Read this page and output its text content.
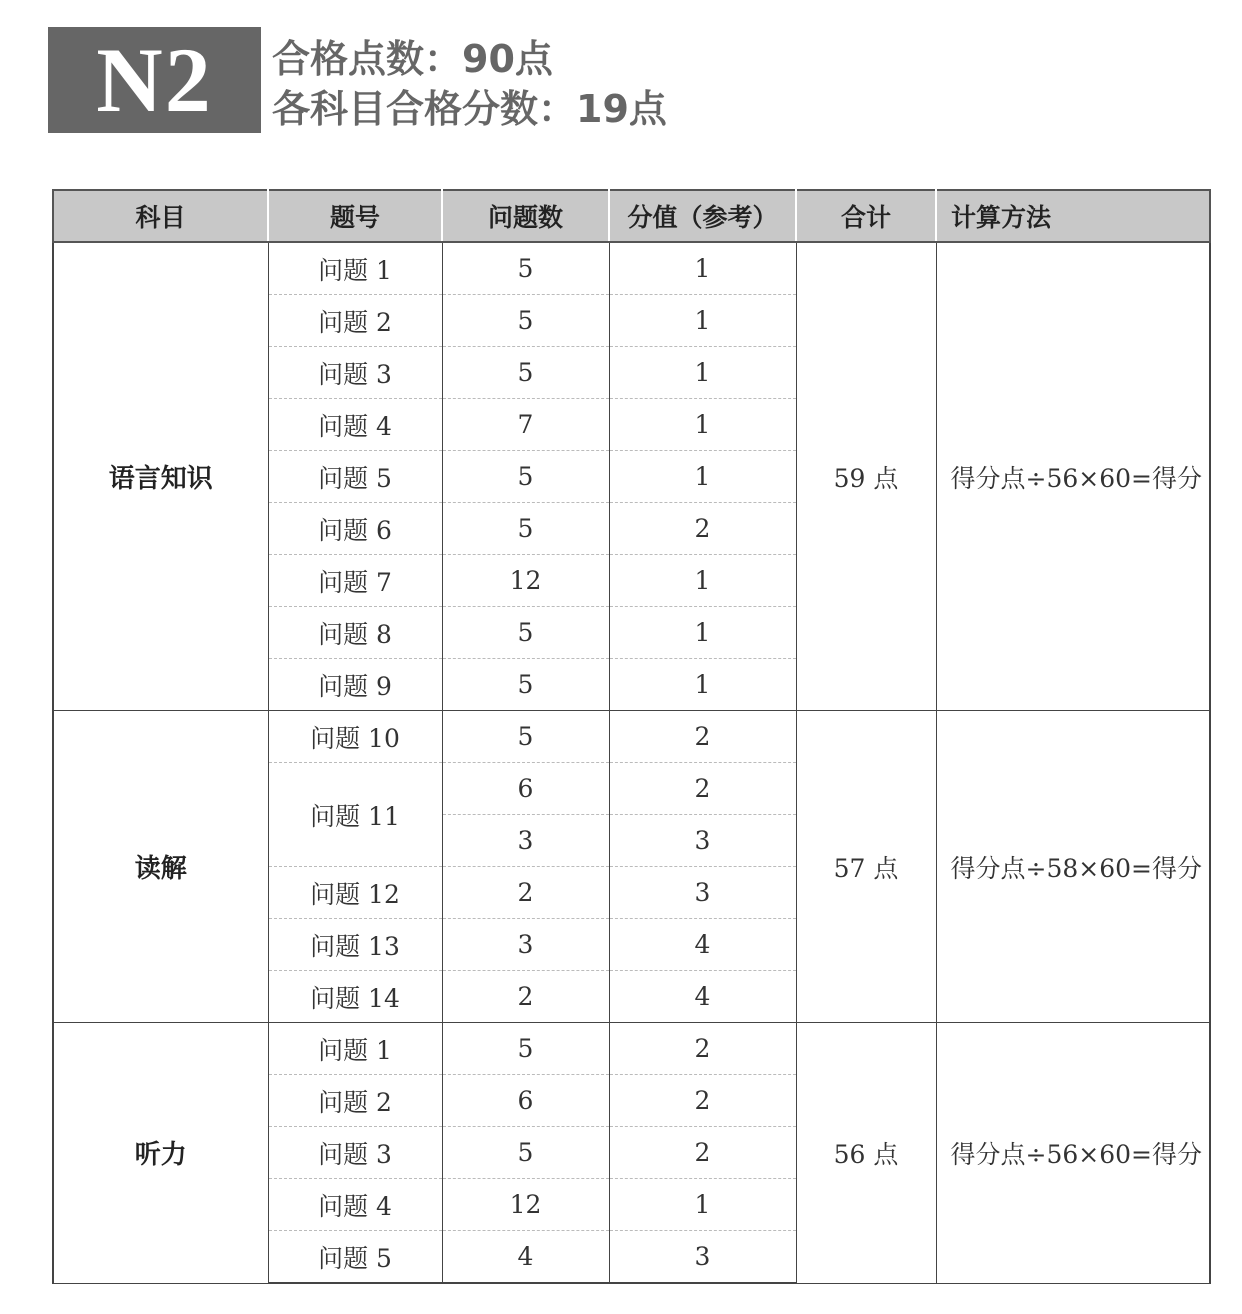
N2	合格点数：90点
各科目合格分数：19点
科目	题号	问题数	分值（参考）	合计	计算方法
语言知识	问题 1	5	1	59 点	得分点÷56×60=得分
	问题 2	5	1		
	问题 3	5	1		
	问题 4	7	1		
	问题 5	5	1		
	问题 6	5	2		
	问题 7	12	1		
	问题 8	5	1		
	问题 9	5	1		
读解	问题 10	5	2	57 点	得分点÷58×60=得分
	问题 11	6	2		
		3	3		
	问题 12	2	3		
	问题 13	3	4		
	问题 14	2	4		
听力	问题 1	5	2	56 点	得分点÷56×60=得分
	问题 2	6	2		
	问题 3	5	2		
	问题 4	12	1		
	问题 5	4	3		
